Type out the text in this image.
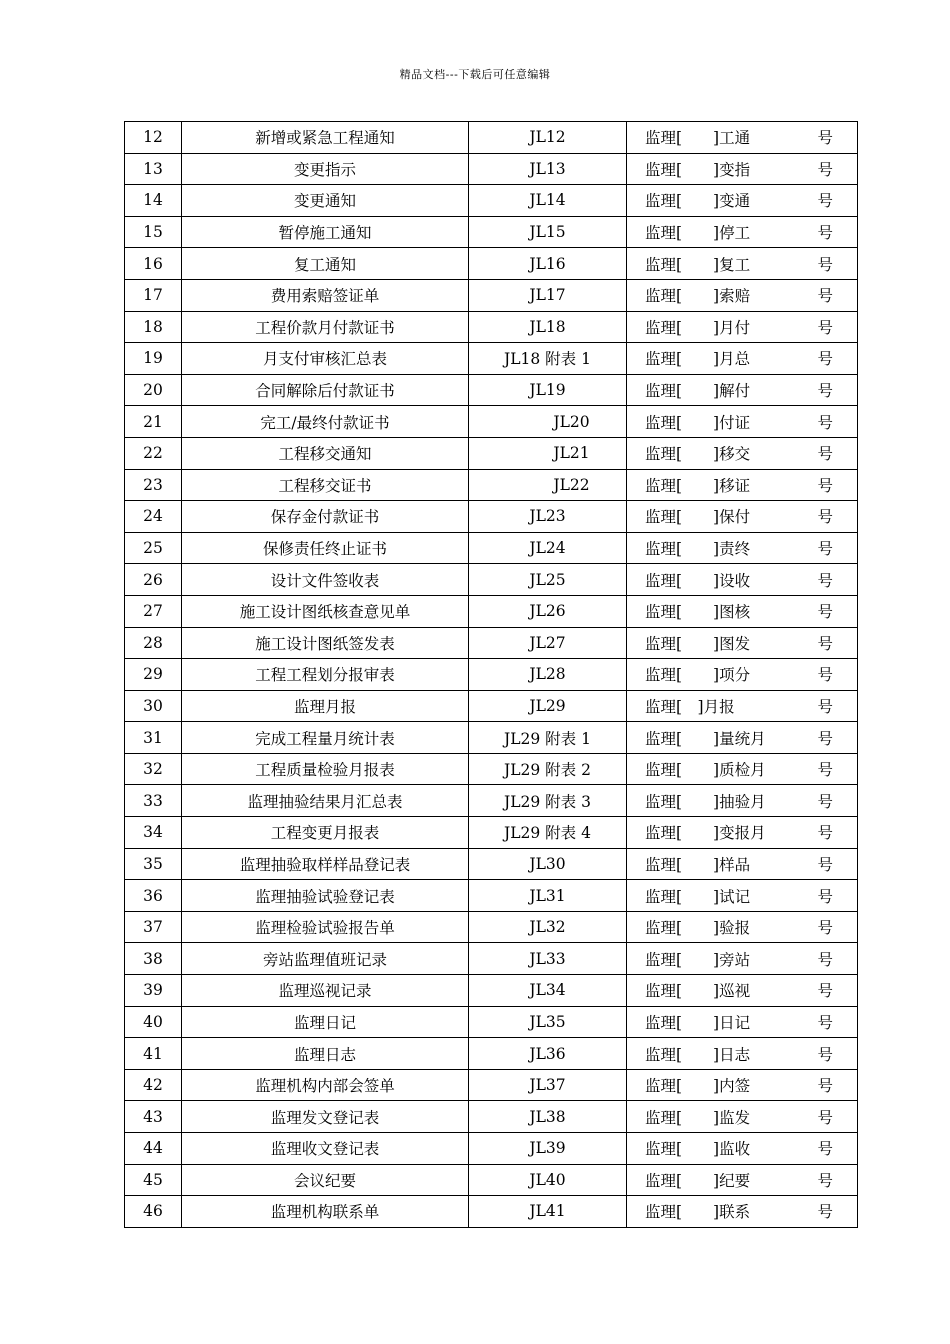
精品文档---下载后可任意编辑
12	新增或紧急工程通知	JL12	监理[　　]工通 号

13	变更指示	JL13	监理[　　]变指 号

14	变更通知	JL14	监理[　　]变通 号

15	暂停施工通知	JL15	监理[　　]停工 号

16	复工通知	JL16	监理[　　]复工 号

17	费用索赔签证单	JL17	监理[　　]索赔 号

18	工程价款月付款证书	JL18	监理[　　]月付 号

19	月支付审核汇总表	JL18 附表 1	监理[　　]月总 号

20	合同解除后付款证书	JL19	监理[　　]解付 号

21	完工/最终付款证书	JL20	监理[　　]付证 号

22	工程移交通知	JL21	监理[　　]移交 号

23	工程移交证书	JL22	监理[　　]移证 号

24	保存金付款证书	JL23	监理[　　]保付 号

25	保修责任终止证书	JL24	监理[　　]责终 号

26	设计文件签收表	JL25	监理[　　]设收 号

27	施工设计图纸核查意见单	JL26	监理[　　]图核 号

28	施工设计图纸签发表	JL27	监理[　　]图发 号

29	工程工程划分报审表	JL28	监理[　　]项分 号

30	监理月报	JL29	监理[　]月报 号

31	完成工程量月统计表	JL29 附表 1	监理[　　]量统月 号

32	工程质量检验月报表	JL29 附表 2	监理[　　]质检月 号

33	监理抽验结果月汇总表	JL29 附表 3	监理[　　]抽验月 号

34	工程变更月报表	JL29 附表 4	监理[　　]变报月 号

35	监理抽验取样样品登记表	JL30	监理[　　]样品 号

36	监理抽验试验登记表	JL31	监理[　　]试记 号

37	监理检验试验报告单	JL32	监理[　　]验报 号

38	旁站监理值班记录	JL33	监理[　　]旁站 号

39	监理巡视记录	JL34	监理[　　]巡视 号

40	监理日记	JL35	监理[　　]日记 号

41	监理日志	JL36	监理[　　]日志 号

42	监理机构内部会签单	JL37	监理[　　]内签 号

43	监理发文登记表	JL38	监理[　　]监发 号

44	监理收文登记表	JL39	监理[　　]监收 号

45	会议纪要	JL40	监理[　　]纪要 号

46	监理机构联系单	JL41	监理[　　]联系 号
